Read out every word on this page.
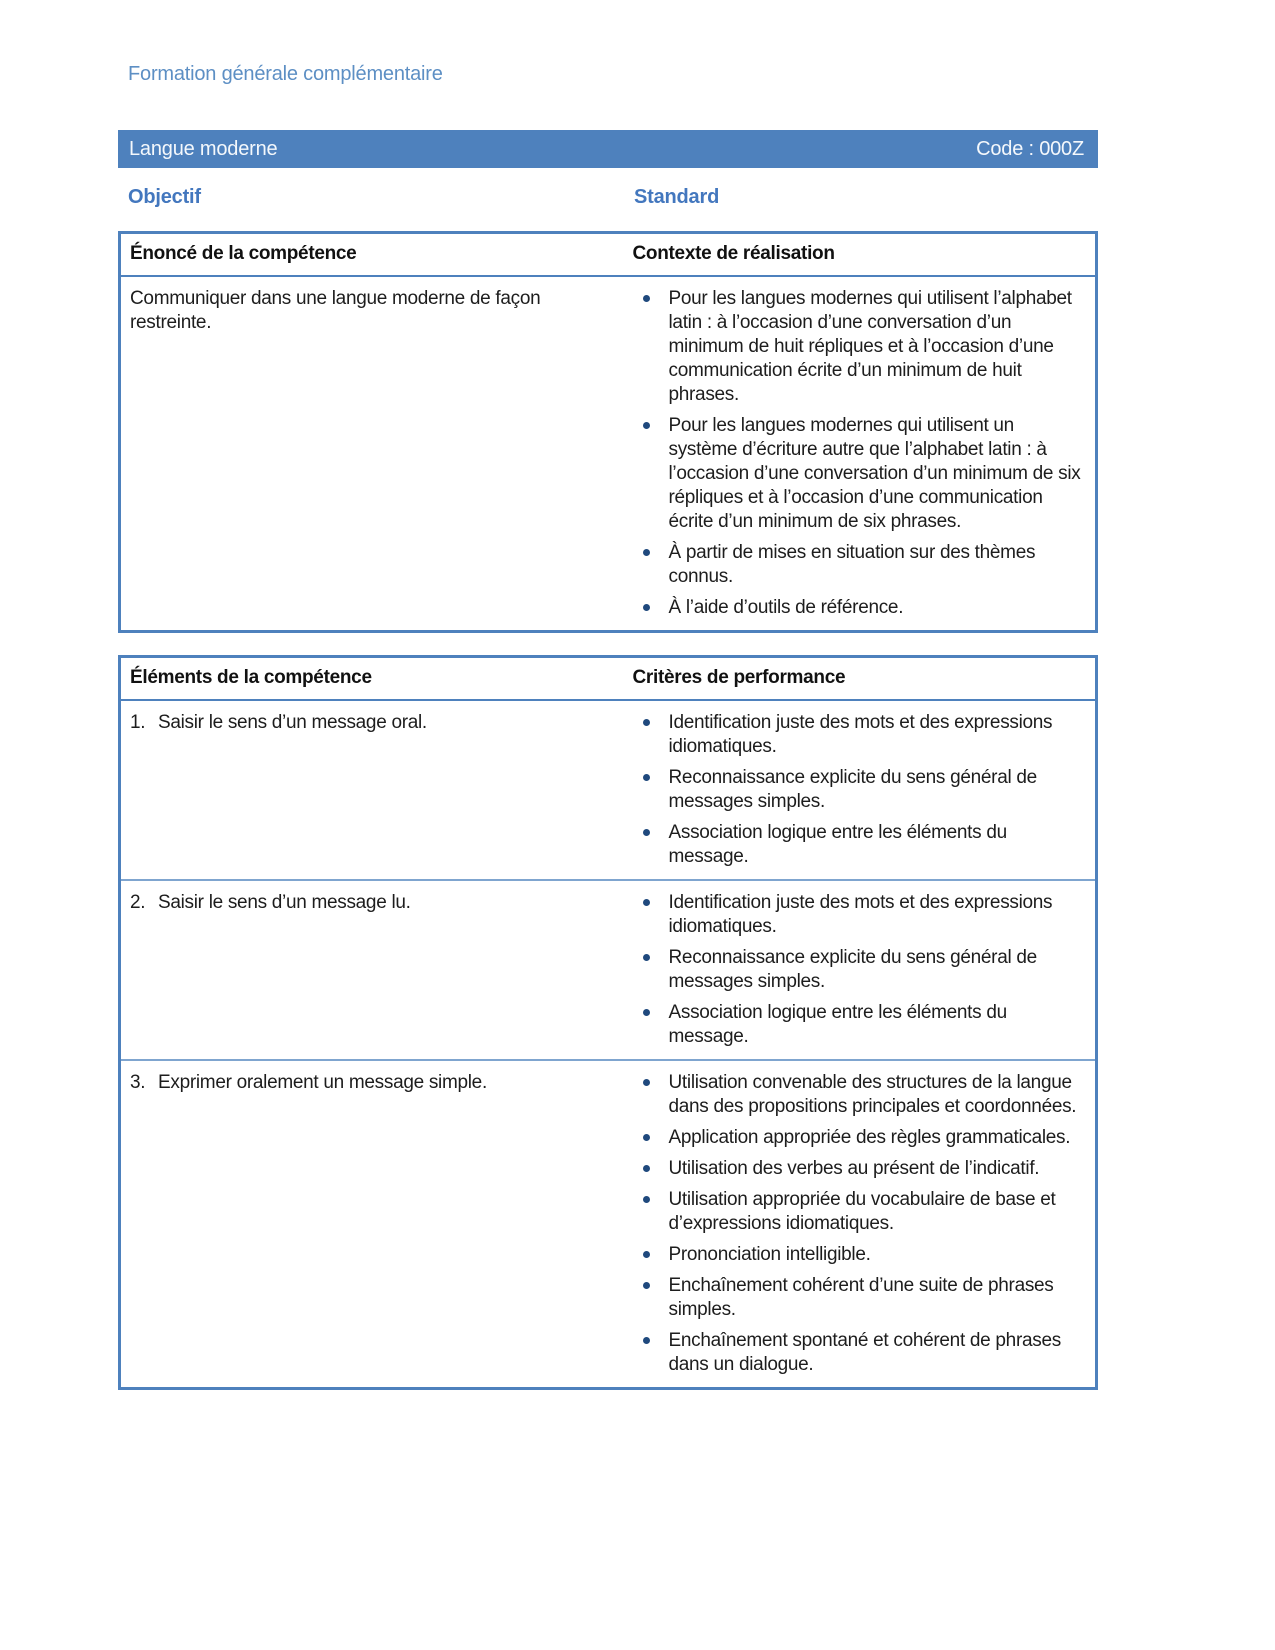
Formation générale complémentaire
Langue moderne	Code : 000Z
Objectif	Standard
Énoncé de la compétence	Contexte de réalisation

Communiquer dans une langue moderne de façon restreinte.

Pour les langues modernes qui utilisent l’alphabet latin : à l’occasion d’une conversation d’un minimum de huit répliques et à l’occasion d’une communication écrite d’un minimum de huit phrases.
Pour les langues modernes qui utilisent un système d’écriture autre que l’alphabet latin : à l’occasion d’une conversation d’un minimum de six répliques et à l’occasion d’une communication écrite d’un minimum de six phrases.
À partir de mises en situation sur des thèmes connus.
À l’aide d’outils de référence.
Éléments de la compétence	Critères de performance

1. Saisir le sens d’un message oral.	Identification juste des mots et des expressions idiomatiques.
Reconnaissance explicite du sens général de messages simples.
Association logique entre les éléments du message.

2. Saisir le sens d’un message lu.	Identification juste des mots et des expressions idiomatiques.
Reconnaissance explicite du sens général de messages simples.
Association logique entre les éléments du message.

3. Exprimer oralement un message simple.	Utilisation convenable des structures de la langue dans des propositions principales et coordonnées.
Application appropriée des règles grammaticales.
Utilisation des verbes au présent de l’indicatif.
Utilisation appropriée du vocabulaire de base et d’expressions idiomatiques.
Prononciation intelligible.
Enchaînement cohérent d’une suite de phrases simples.
Enchaînement spontané et cohérent de phrases dans un dialogue.
